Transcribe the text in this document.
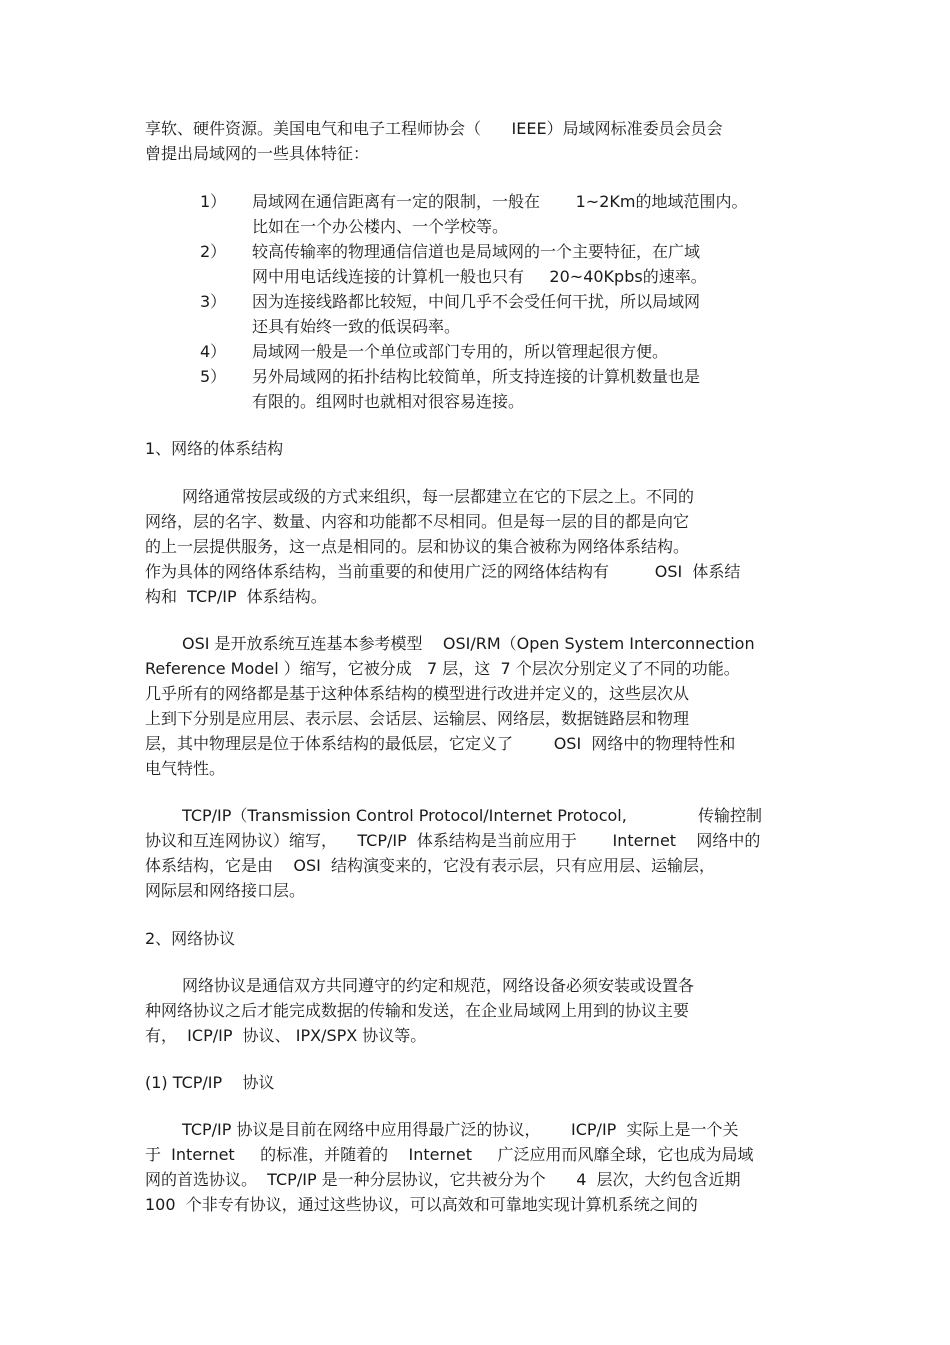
享软、硬件资源。美国电气和电子工程师协会（      IEEE）局域网标准委员会员会
曾提出局域网的一些具体特征：
1） 局域网在通信距离有一定的限制，一般在       1~2Km的地域范围内。
比如在一个办公楼内、一个学校等。
2） 较高传输率的物理通信信道也是局域网的一个主要特征，在广域
网中用电话线连接的计算机一般也只有     20~40Kpbs的速率。
3） 因为连接线路都比较短，中间几乎不会受任何干扰，所以局域网
还具有始终一致的低误码率。
4） 局域网一般是一个单位或部门专用的，所以管理起很方便。
5） 另外局域网的拓扑结构比较简单，所支持连接的计算机数量也是
有限的。组网时也就相对很容易连接。
1、网络的体系结构
网络通常按层或级的方式来组织，每一层都建立在它的下层之上。不同的
网络，层的名字、数量、内容和功能都不尽相同。但是每一层的目的都是向它
的上一层提供服务，这一点是相同的。层和协议的集合被称为网络体系结构。
作为具体的网络体系结构，当前重要的和使用广泛的网络体结构有         OSI  体系结
构和  TCP/IP  体系结构。
OSI 是开放系统互连基本参考模型    OSI/RM（Open System Interconnection
Reference Model ）缩写，它被分成   7 层，这  7 个层次分别定义了不同的功能。
几乎所有的网络都是基于这种体系结构的模型进行改进并定义的，这些层次从
上到下分别是应用层、表示层、会话层、运输层、网络层，数据链路层和物理
层，其中物理层是位于体系结构的最低层，它定义了        OSI  网络中的物理特性和
电气特性。
TCP/IP（Transmission Control Protocol/Internet Protocol,              传输控制
协议和互连网协议）缩写，    TCP/IP  体系结构是当前应用于       Internet    网络中的
体系结构，它是由    OSI  结构演变来的，它没有表示层，只有应用层、运输层，
网际层和网络接口层。
2、网络协议
网络协议是通信双方共同遵守的约定和规范，网络设备必须安装或设置各
种网络协议之后才能完成数据的传输和发送，在企业局域网上用到的协议主要
有，  ICP/IP  协议、 IPX/SPX 协议等。
(1) TCP/IP    协议
TCP/IP 协议是目前在网络中应用得最广泛的协议，      ICP/IP  实际上是一个关
于  Internet     的标准，并随着的    Internet     广泛应用而风靡全球，它也成为局域
网的首选协议。  TCP/IP 是一种分层协议，它共被分为个      4  层次，大约包含近期
100  个非专有协议，通过这些协议，可以高效和可靠地实现计算机系统之间的
